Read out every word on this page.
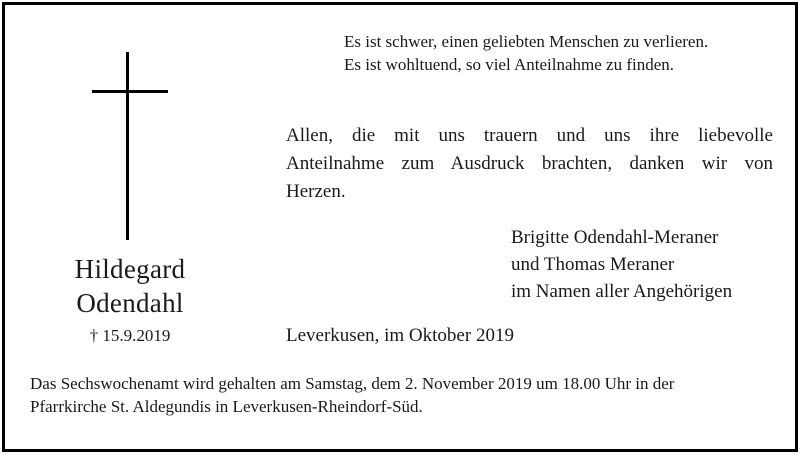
Hildegard
Odendahl
† 15.9.2019
Es ist schwer, einen geliebten Menschen zu verlieren.
Es ist wohltuend, so viel Anteilnahme zu finden.
Allen, die mit uns trauern und uns ihre liebevolle
Anteilnahme zum Ausdruck brachten, danken wir von
Herzen.
Brigitte Odendahl-Meraner
und Thomas Meraner
im Namen aller Angehörigen
Leverkusen, im Oktober 2019
Das Sechswochenamt wird gehalten am Samstag, dem 2. November 2019 um 18.00 Uhr in der
Pfarrkirche St. Aldegundis in Leverkusen-Rheindorf-Süd.
